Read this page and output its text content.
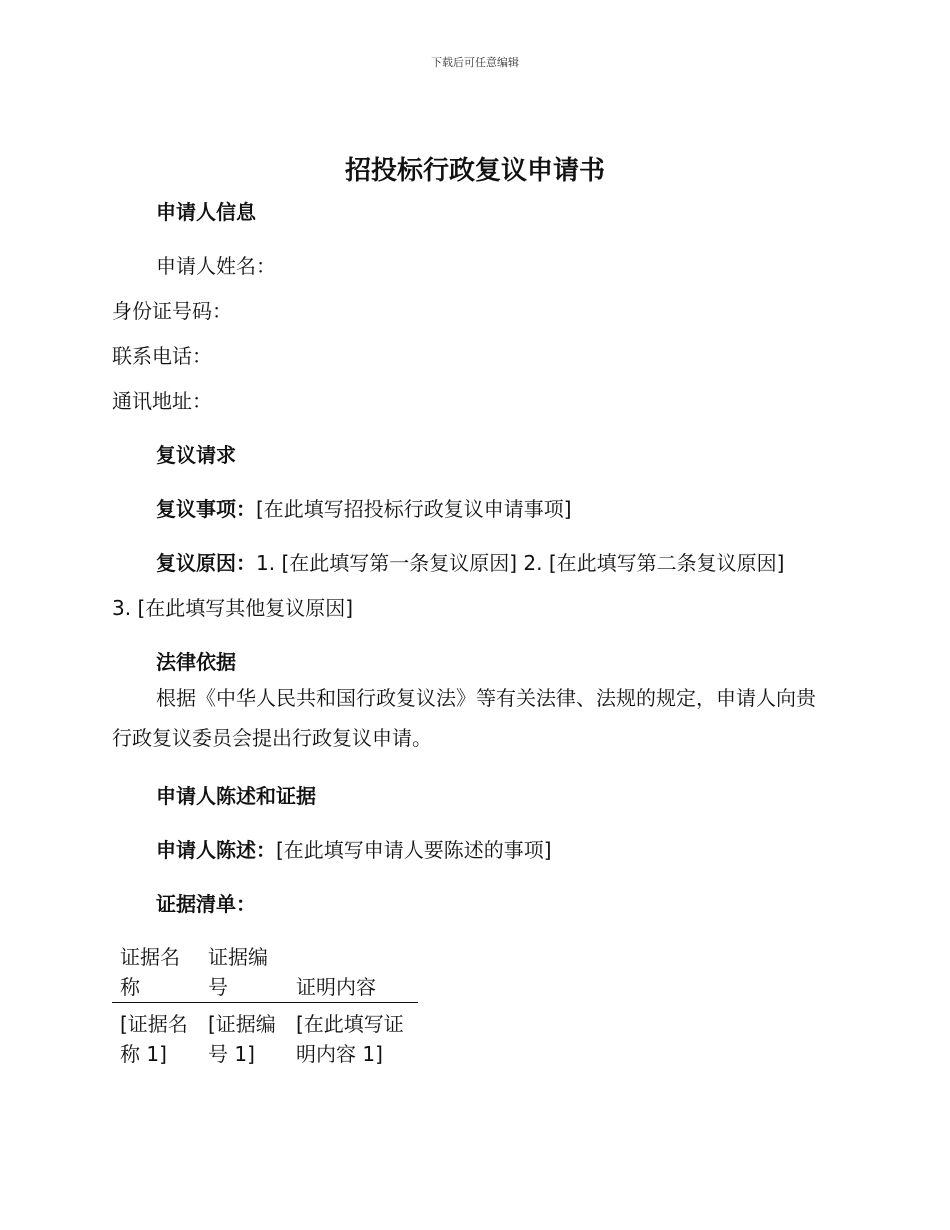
下载后可任意编辑
招投标行政复议申请书

申请人信息

申请人姓名：

身份证号码：

联系电话：

通讯地址：

复议请求

复议事项：[在此填写招投标行政复议申请事项]

复议原因：1. [在此填写第一条复议原因] 2. [在此填写第二条复议原因]

3. [在此填写其他复议原因]

法律依据

根据《中华人民共和国行政复议法》等有关法律、法规的规定，申请人向贵行政复议委员会提出行政复议申请。

申请人陈述和证据

申请人陈述：[在此填写申请人要陈述的事项]

证据清单：

证据名称	证据编号	证明内容
[证据名称 1]	[证据编号 1]	[在此填写证明内容 1]
